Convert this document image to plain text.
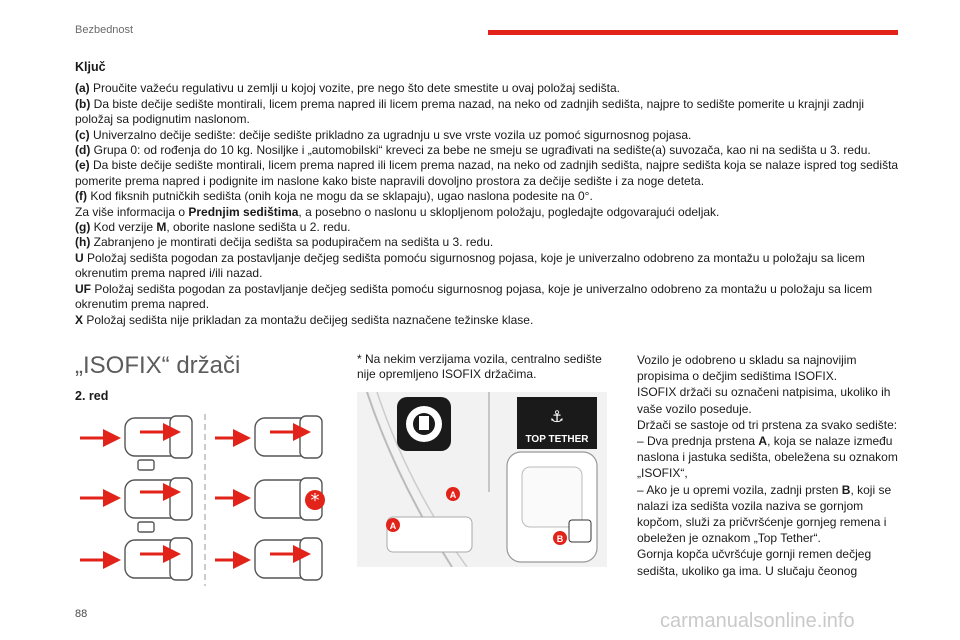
Bezbednost
Ključ

(a) Proučite važeću regulativu u zemlji u kojoj vozite, pre nego što dete smestite u ovaj položaj sedišta.

(b) Da biste dečije sedište montirali, licem prema napred ili licem prema nazad, na neko od zadnjih sedišta, najpre to sedište pomerite u krajnji zadnji položaj sa podignutim naslonom.

(c) Univerzalno dečije sedište: dečije sedište prikladno za ugradnju u sve vrste vozila uz pomoć sigurnosnog pojasa.

(d) Grupa 0: od rođenja do 10 kg. Nosiljke i „automobilski“ kreveci za bebe ne smeju se ugrađivati na sedište(a) suvozača, kao ni na sedišta u 3. redu.

(e) Da biste dečije sedište montirali, licem prema napred ili licem prema nazad, na neko od zadnjih sedišta, najpre sedišta koja se nalaze ispred tog sedišta pomerite prema napred i podignite im naslone kako biste napravili dovoljno prostora za dečije sedište i za noge deteta.

(f) Kod fiksnih putničkih sedišta (onih koja ne mogu da se sklapaju), ugao naslona podesite na 0°.

Za više informacija o Prednjim sedištima, a posebno o naslonu u sklopljenom položaju, pogledajte odgovarajući odeljak.

(g) Kod verzije M, oborite naslone sedišta u 2. redu.

(h) Zabranjeno je montirati dečija sedišta sa podupiračem na sedišta u 3. redu.

U Položaj sedišta pogodan za postavljanje dečjeg sedišta pomoću sigurnosnog pojasa, koje je univerzalno odobreno za montažu u položaju sa licem okrenutim prema napred i/ili nazad.

UF Položaj sedišta pogodan za postavljanje dečjeg sedišta pomoću sigurnosnog pojasa, koje je univerzalno odobreno za montažu u položaju sa licem okrenutim prema napred.

X Položaj sedišta nije prikladan za montažu dečijeg sedišta naznačene težinske klase.

„ISOFIX“ držači
2. red
*
* Na nekim verzijama vozila, centralno sedište nije opremljeno ISOFIX držačima.
⚓
TOP TETHER
A
A
B

Vozilo je odobreno u skladu sa najnovijim propisima o dečjim sedištima ISOFIX.

ISOFIX držači su označeni natpisima, ukoliko ih vaše vozilo poseduje.

Držači se sastoje od tri prstena za svako sedište:

– Dva prednja prstena A, koja se nalaze između naslona i jastuka sedišta, obeležena su oznakom „ISOFIX“,

– Ako je u opremi vozila, zadnji prsten B, koji se nalazi iza sedišta vozila naziva se gornjom kopčom, služi za pričvršćenje gornjeg remena i obeležen je oznakom „Top Tether“.

Gornja kopča učvršćuje gornji remen dečjeg sedišta, ukoliko ga ima. U slučaju čeonog

88	carmanualsonline.info
